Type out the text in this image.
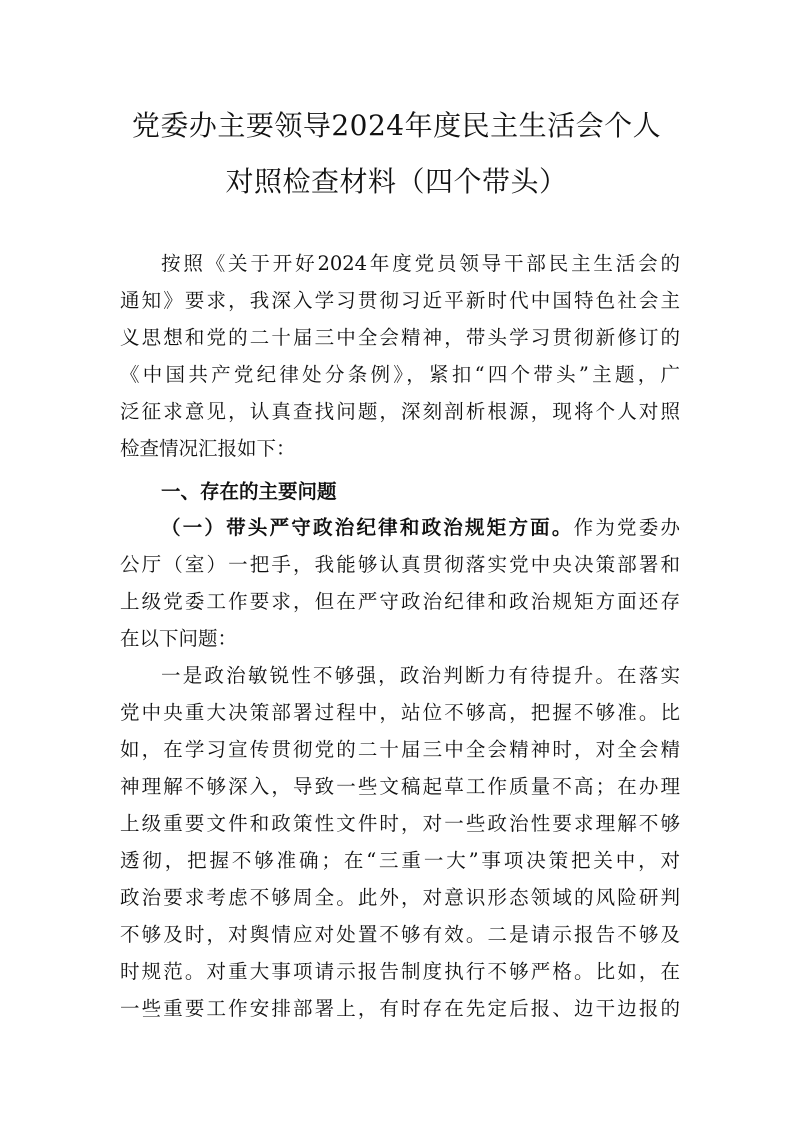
党委办主要领导2024年度民主生活会个人
对照检查材料（四个带头）
按照《关于开好2024年度党员领导干部民主生活会的
通知》要求，我深入学习贯彻习近平新时代中国特色社会主
义思想和党的二十届三中全会精神，带头学习贯彻新修订的
《中国共产党纪律处分条例》，紧扣“四个带头”主题，广
泛征求意见，认真查找问题，深刻剖析根源，现将个人对照
检查情况汇报如下：
一、存在的主要问题
（一）带头严守政治纪律和政治规矩方面。作为党委办
公厅（室）一把手，我能够认真贯彻落实党中央决策部署和
上级党委工作要求，但在严守政治纪律和政治规矩方面还存
在以下问题：
一是政治敏锐性不够强，政治判断力有待提升。在落实
党中央重大决策部署过程中，站位不够高，把握不够准。比
如，在学习宣传贯彻党的二十届三中全会精神时，对全会精
神理解不够深入，导致一些文稿起草工作质量不高；在办理
上级重要文件和政策性文件时，对一些政治性要求理解不够
透彻，把握不够准确；在“三重一大”事项决策把关中，对
政治要求考虑不够周全。此外，对意识形态领域的风险研判
不够及时，对舆情应对处置不够有效。二是请示报告不够及
时规范。对重大事项请示报告制度执行不够严格。比如，在
一些重要工作安排部署上，有时存在先定后报、边干边报的
